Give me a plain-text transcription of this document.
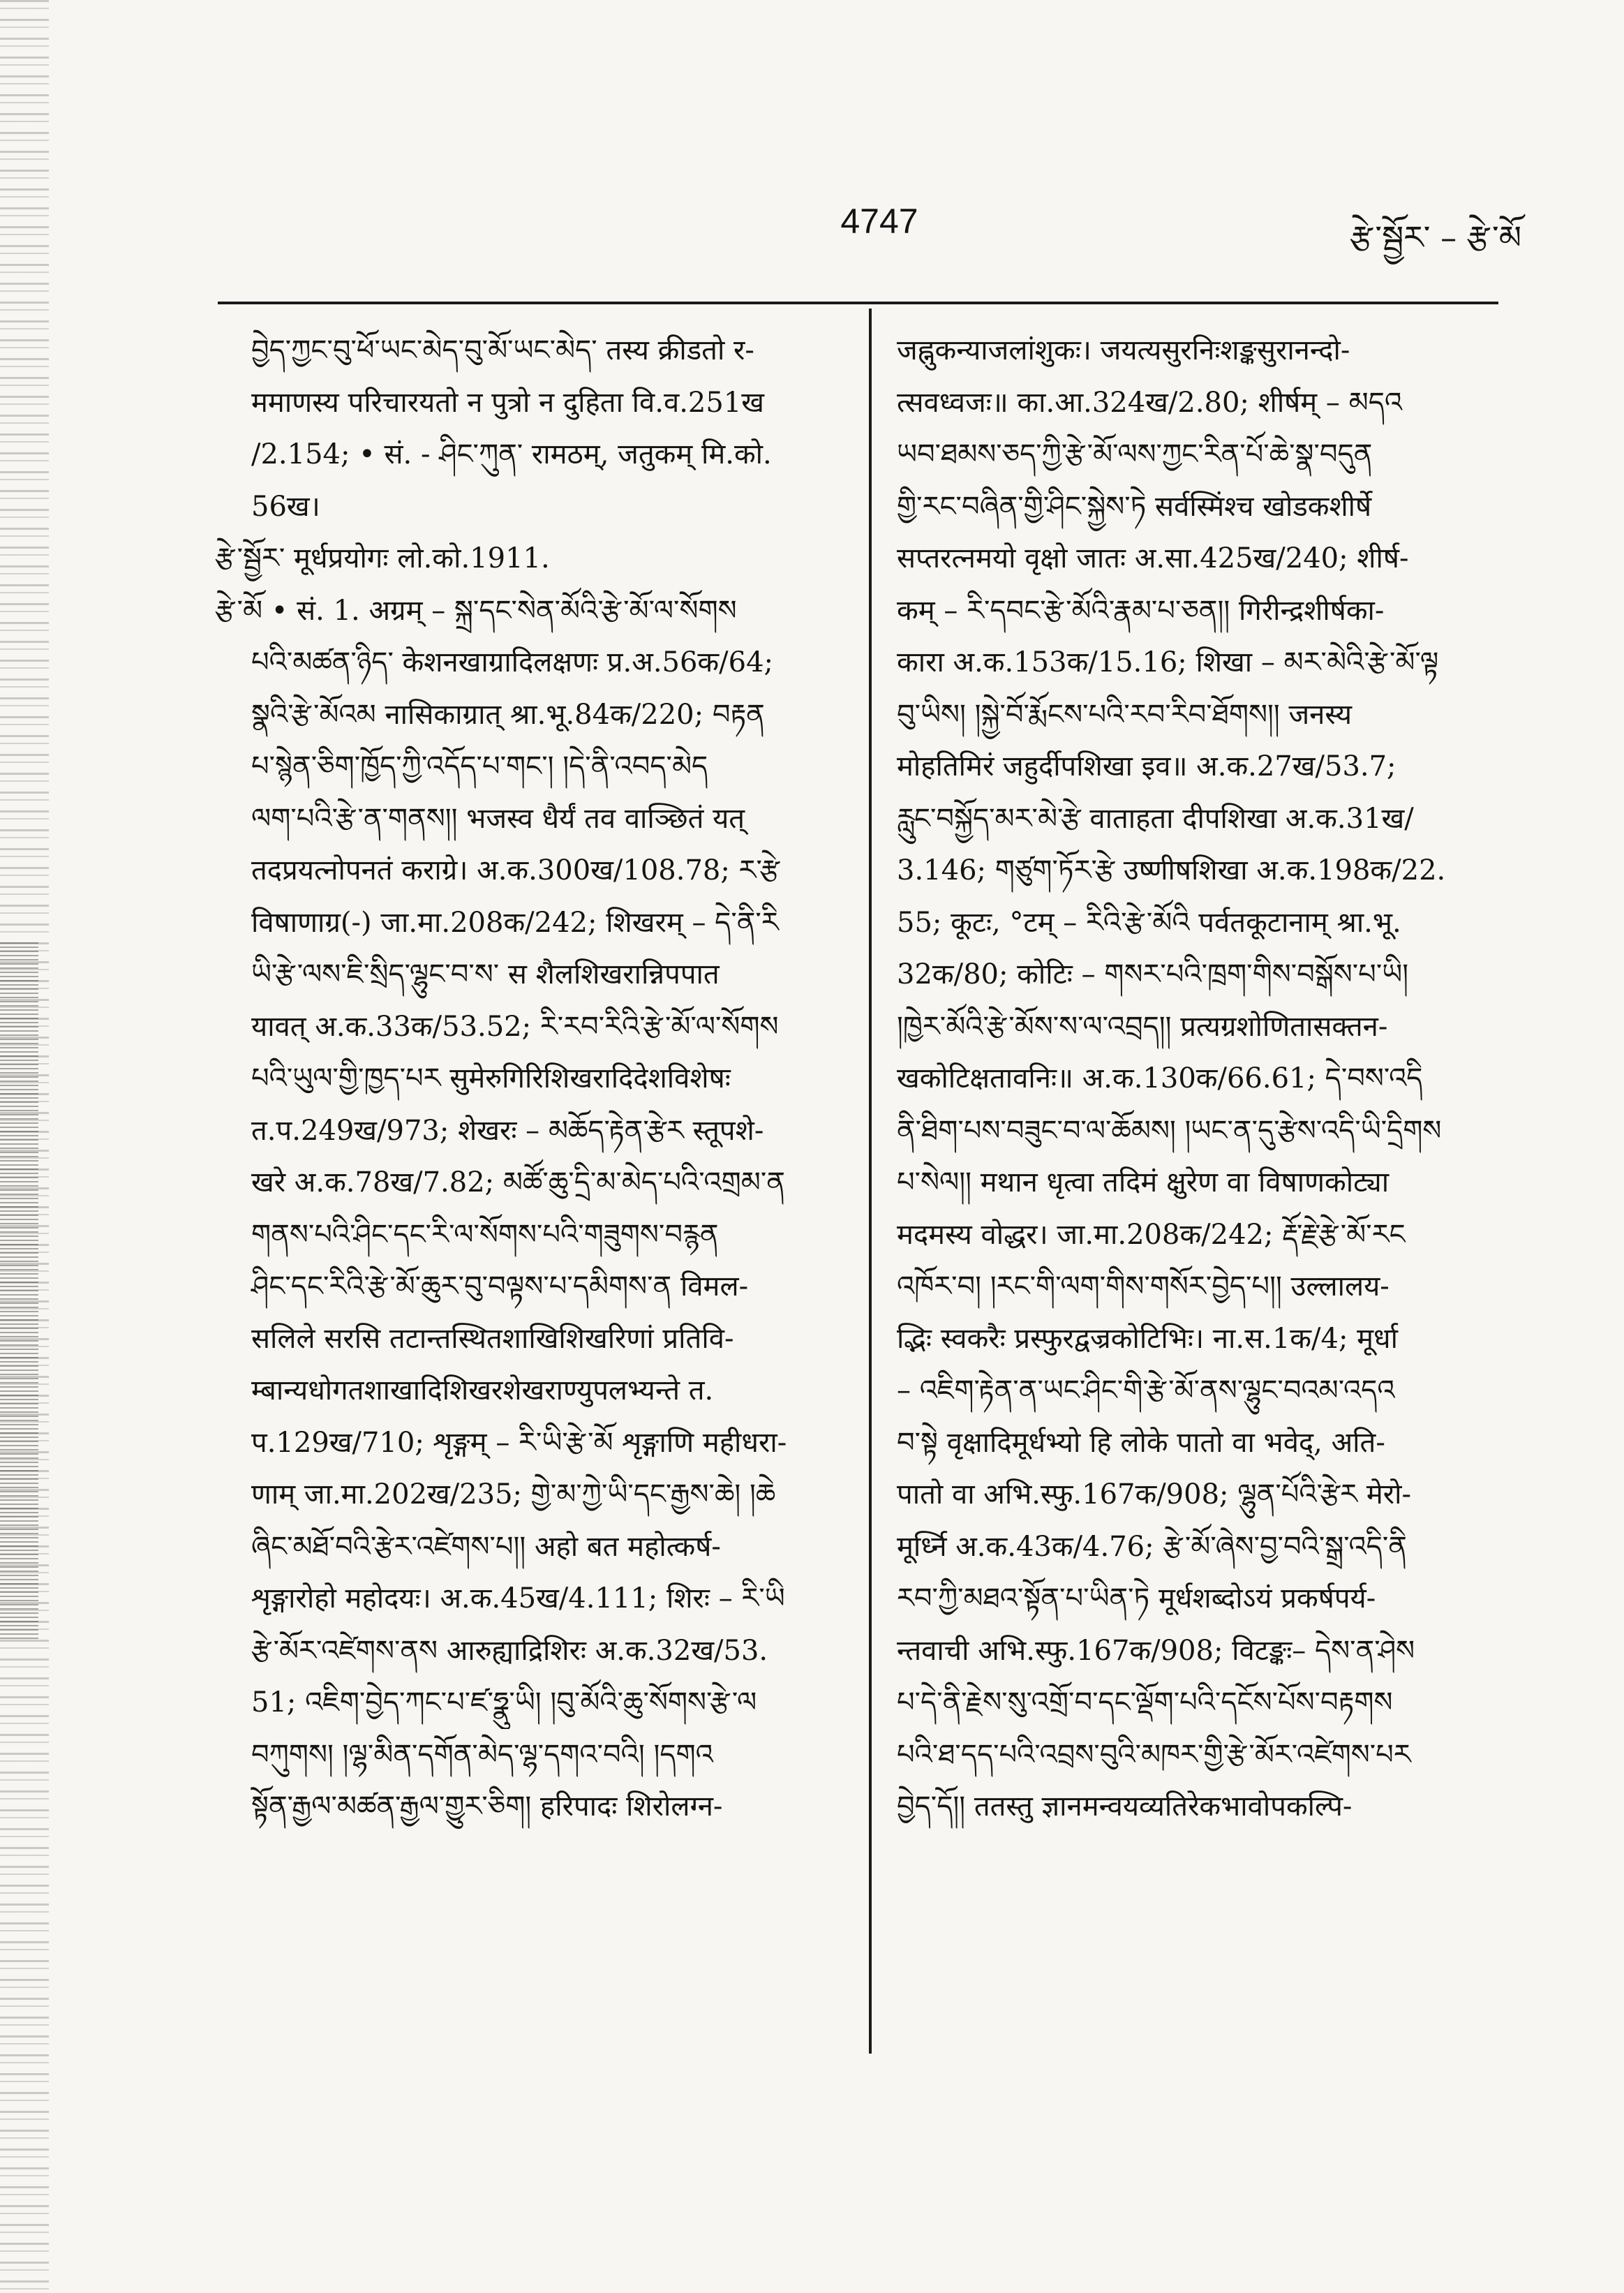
4747	རྩེ་སྦྱོར་ – རྩེ་མོ
བྱེད་ཀྱང་བུ་ཕོ་ཡང་མེད་བུ་མོ་ཡང་མེད་ तस्य क्रीडतो र-
ममाणस्य परिचारयतो न पुत्रो न दुहिता वि.व.251ख
/2.154; • सं. - ཤིང་ཀུན་ रामठम्, जतुकम् मि.को.
56ख।
རྩེ་སྦྱོར་ मूर्धप्रयोगः लो.को.1911.
རྩེ་མོ • सं. 1. अग्रम् – སྐྲ་དང་སེན་མོའི་རྩེ་མོ་ལ་སོགས
པའི་མཚན་ཉིད་ केशनखाग्रादिलक्षणः प्र.अ.56क/64;
སྣའི་རྩེ་མོའམ नासिकाग्रात् श्रा.भू.84क/220; བརྟན
པ་སྙེན་ཅིག་ཁྱོད་ཀྱི་འདོད་པ་གང་། །དེ་ནི་འབད་མེད
ལག་པའི་རྩེ་ན་གནས།། भजस्व धैर्यं तव वाञ्छितं यत्
तदप्रयत्नोपनतं कराग्रे। अ.क.300ख/108.78; ར་རྩེ
विषाणाग्र(-) जा.मा.208क/242; शिखरम् – དེ་ནི་རི
ཡི་རྩེ་ལས་ཇི་སྲིད་ལྷུང་བ་ས་ स शैलशिखरान्निपपात
यावत् अ.क.33क/53.52; རི་རབ་རིའི་རྩེ་མོ་ལ་སོགས
པའི་ཡུལ་གྱི་ཁྱད་པར सुमेरुगिरिशिखरादिदेशविशेषः
त.प.249ख/973; शेखरः – མཆོད་རྟེན་རྩེར स्तूपशे-
खरे अ.क.78ख/7.82; མཚོ་ཆུ་དྲི་མ་མེད་པའི་འགྲམ་ན
གནས་པའི་ཤིང་དང་རི་ལ་སོགས་པའི་གཟུགས་བརྙན
ཤིང་དང་རིའི་རྩེ་མོ་ཆུར་བུ་བལྟས་པ་དམིགས་ན विमल-
सलिले सरसि तटान्तस्थितशाखिशिखरिणां प्रतिवि-
म्बान्यधोगतशाखादिशिखरशेखराण्युपलभ्यन्ते त.
प.129ख/710; शृङ्गम् – རི་ཡི་རྩེ་མོ शृङ्गाणि महीधरा-
णाम् जा.मा.202ख/235; གྱེ་མ་ཀྱེ་ཡི་དང་རྒྱས་ཆེ། །ཆེ
ཞིང་མཐོ་བའི་རྩེར་འཛེགས་པ།། अहो बत महोत्कर्ष-
शृङ्गारोहो महोदयः। अ.क.45ख/4.111; शिरः – རི་ཡི
རྩེ་མོར་འཛེགས་ནས आरुह्याद्रिशिरः अ.क.32ख/53.
51; འཇིག་བྱེད་ཀང་པ་ཛ་ཧྣུ་ཡི། །བུ་མོའི་ཆུ་སོགས་རྩེ་ལ
བཀུགས། །ལྷ་མིན་དགོན་མེད་ལྷ་དགའ་བའི། །དགའ
སྟོན་རྒྱལ་མཚན་རྒྱལ་གྱུར་ཅིག། हरिपादः शिरोलग्न-
जह्नुकन्याजलांशुकः। जयत्यसुरनिःशङ्कसुरानन्दो-
त्सवध्वजः॥ का.आ.324ख/2.80; शीर्षम् – མདའ
ཡབ་ཐམས་ཅད་ཀྱི་རྩེ་མོ་ལས་ཀྱང་རིན་པོ་ཆེ་སྣ་བདུན
གྱི་རང་བཞིན་གྱི་ཤིང་སྐྱེས་ཏེ सर्वस्मिंश्च खोडकशीर्षे
सप्तरत्नमयो वृक्षो जातः अ.सा.425ख/240; शीर्ष-
कम् – རི་དབང་རྩེ་མོའི་རྣམ་པ་ཅན།། गिरीन्द्रशीर्षका-
कारा अ.क.153क/15.16; शिखा – མར་མེའི་རྩེ་མོ་ལྟ
བུ་ཡིས། །སྐྱེ་བོ་རྨོངས་པའི་རབ་རིབ་ཐོགས།། जनस्य
मोहतिमिरं जहुर्दीपशिखा इव॥ अ.क.27ख/53.7;
རླུང་བསྐྱོད་མར་མེ་རྩེ वाताहता दीपशिखा अ.क.31ख/
3.146; གཙུག་ཏོར་རྩེ उष्णीषशिखा अ.क.198क/22.
55; कूटः, °टम् – རིའི་རྩེ་མོའི पर्वतकूटानाम् श्रा.भू.
32क/80; कोटिः – གསར་པའི་ཁྲག་གིས་བསྒོས་པ་ཡི།
།ཁྱེར་མོའི་རྩེ་མོས་ས་ལ་འབྲད།། प्रत्यग्रशोणितासक्तन-
खकोटिक्षतावनिः॥ अ.क.130क/66.61; དེ་བས་འདི
ནི་ཐིག་པས་བཟུང་བ་ལ་ཆོམས། །ཡང་ན་དུ་རྩེས་འདི་ཡི་དྲིགས
པ་སེལ།། मथान धृत्वा तदिमं क्षुरेण वा विषाणकोट्या
मदमस्य वोद्धर। जा.मा.208क/242; རྡོ་རྗེ་རྩེ་མོ་རང
འཁོར་བ། །རང་གི་ལག་གིས་གསོར་བྱེད་པ།། उल्लालय-
द्भिः स्वकरैः प्रस्फुरद्वज्रकोटिभिः। ना.स.1क/4; मूर्धा
– འཇིག་རྟེན་ན་ཡང་ཤིང་གི་རྩེ་མོ་ནས་ལྷུང་བའམ་འདའ
བ་སྟེ वृक्षादिमूर्धभ्यो हि लोके पातो वा भवेद्, अति-
पातो वा अभि.स्फु.167क/908; ལྷུན་པོའི་རྩེར मेरो-
मूर्ध्नि अ.क.43क/4.76; རྩེ་མོ་ཞེས་བྱ་བའི་སྒྲ་འདི་ནི
རབ་ཀྱི་མཐའ་སྟོན་པ་ཡིན་ཏེ मूर्धशब्दोऽयं प्रकर्षपर्य-
न्तवाची अभि.स्फु.167क/908; विटङ्कः– དེས་ན་ཤེས
པ་དེ་ནི་རྗེས་སུ་འགྲོ་བ་དང་ལྡོག་པའི་དངོས་པོས་བརྟགས
པའི་ཐ་དད་པའི་འབྲས་བུའི་མཁར་གྱི་རྩེ་མོར་འཛེགས་པར
བྱེད་དོ།། ततस्तु ज्ञानमन्वयव्यतिरेकभावोपकल्पि-
